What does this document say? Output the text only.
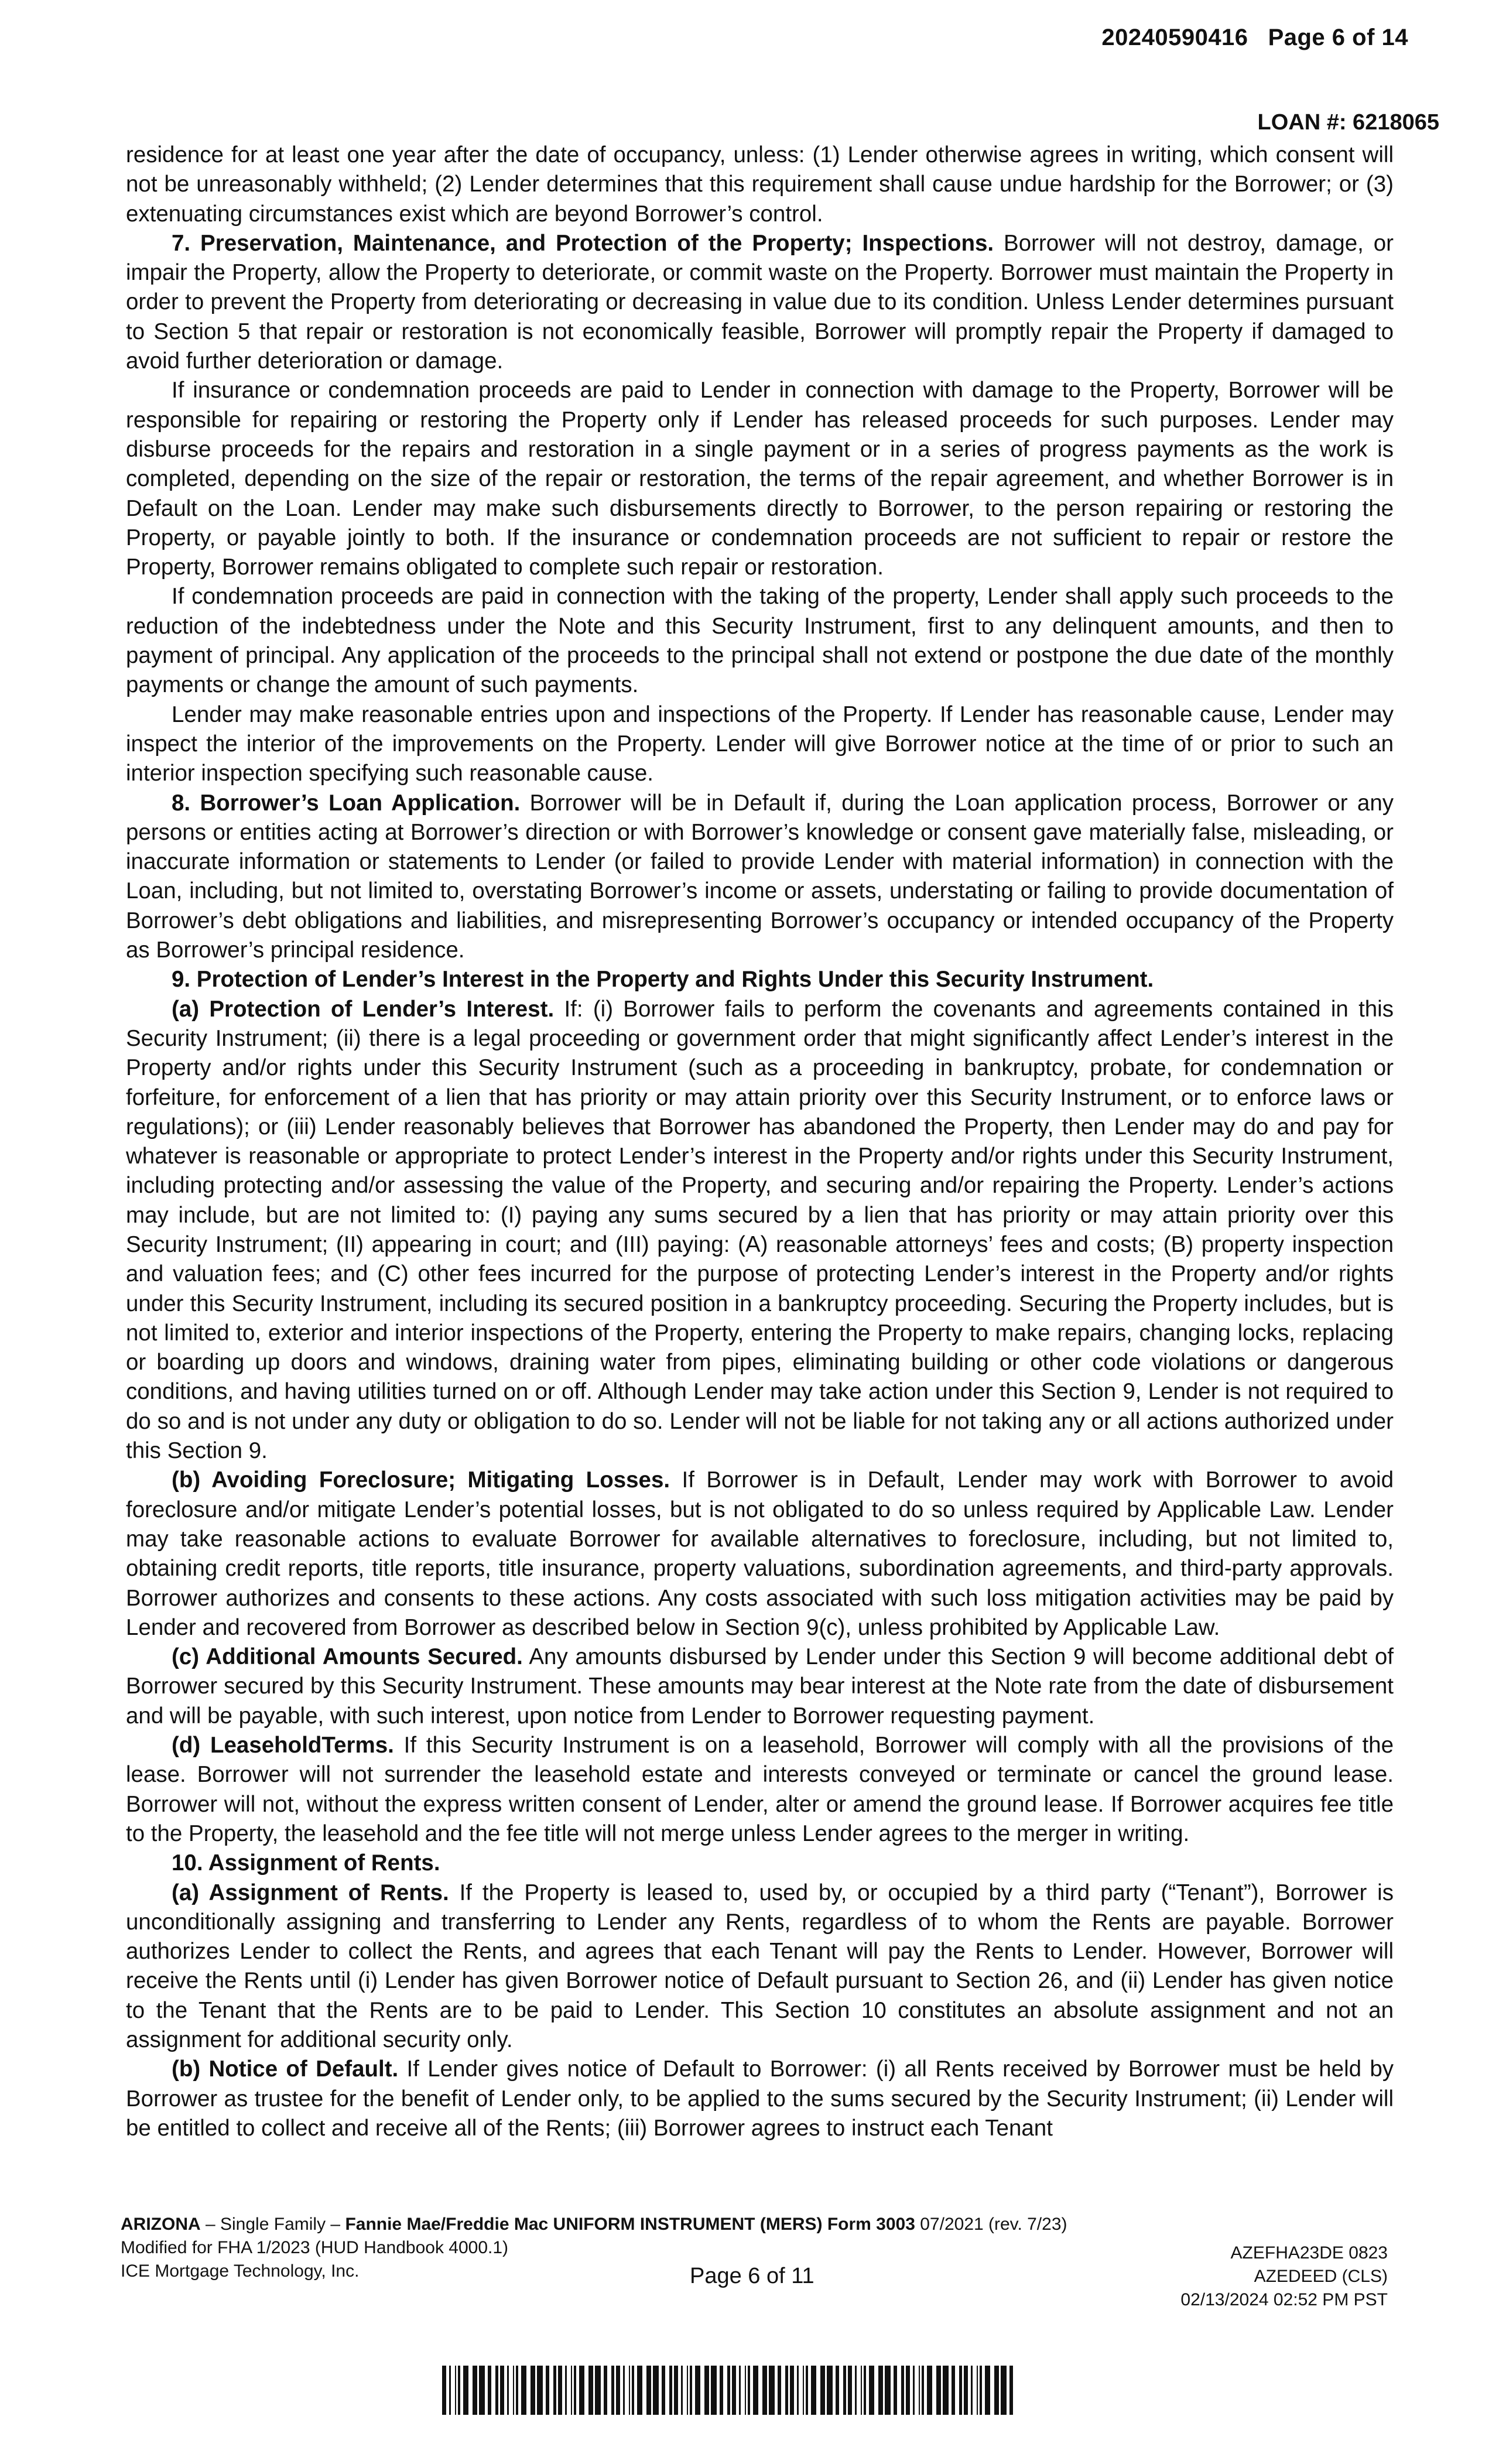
20240590416 Page 6 of 14
LOAN #: 6218065

residence for at least one year after the date of occupancy, unless: (1) Lender otherwise agrees in writing, which consent will not be unreasonably withheld; (2) Lender determines that this requirement shall cause undue hardship for the Borrower; or (3) extenuating circumstances exist which are beyond Borrower’s control.

7. Preservation, Maintenance, and Protection of the Property; Inspections. Borrower will not destroy, damage, or impair the Property, allow the Property to deteriorate, or commit waste on the Property. Borrower must maintain the Property in order to prevent the Property from deteriorating or decreasing in value due to its condition. Unless Lender determines pursuant to Section 5 that repair or restoration is not economically feasible, Borrower will promptly repair the Property if damaged to avoid further deterioration or damage.

If insurance or condemnation proceeds are paid to Lender in connection with damage to the Property, Borrower will be responsible for repairing or restoring the Property only if Lender has released proceeds for such purposes. Lender may disburse proceeds for the repairs and restoration in a single payment or in a series of progress payments as the work is completed, depending on the size of the repair or restoration, the terms of the repair agreement, and whether Borrower is in Default on the Loan. Lender may make such disbursements directly to Borrower, to the person repairing or restoring the Property, or payable jointly to both. If the insurance or condemnation proceeds are not sufficient to repair or restore the Property, Borrower remains obligated to complete such repair or restoration.

If condemnation proceeds are paid in connection with the taking of the property, Lender shall apply such proceeds to the reduction of the indebtedness under the Note and this Security Instrument, first to any delinquent amounts, and then to payment of principal. Any application of the proceeds to the principal shall not extend or postpone the due date of the monthly payments or change the amount of such payments.

Lender may make reasonable entries upon and inspections of the Property. If Lender has reasonable cause, Lender may inspect the interior of the improvements on the Property. Lender will give Borrower notice at the time of or prior to such an interior inspection specifying such reasonable cause.

8. Borrower’s Loan Application. Borrower will be in Default if, during the Loan application process, Borrower or any persons or entities acting at Borrower’s direction or with Borrower’s knowledge or consent gave materially false, misleading, or inaccurate information or statements to Lender (or failed to provide Lender with material information) in connection with the Loan, including, but not limited to, overstating Borrower’s income or assets, understating or failing to provide documentation of Borrower’s debt obligations and liabilities, and misrepresenting Borrower’s occupancy or intended occupancy of the Property as Borrower’s principal residence.

9. Protection of Lender’s Interest in the Property and Rights Under this Security Instrument.

(a) Protection of Lender’s Interest. If: (i) Borrower fails to perform the covenants and agreements contained in this Security Instrument; (ii) there is a legal proceeding or government order that might significantly affect Lender’s interest in the Property and/or rights under this Security Instrument (such as a proceeding in bankruptcy, probate, for condemnation or forfeiture, for enforcement of a lien that has priority or may attain priority over this Security Instrument, or to enforce laws or regulations); or (iii) Lender reasonably believes that Borrower has abandoned the Property, then Lender may do and pay for whatever is reasonable or appropriate to protect Lender’s interest in the Property and/or rights under this Security Instrument, including protecting and/or assessing the value of the Property, and securing and/or repairing the Property. Lender’s actions may include, but are not limited to: (I) paying any sums secured by a lien that has priority or may attain priority over this Security Instrument; (II) appearing in court; and (III) paying: (A) reasonable attorneys’ fees and costs; (B) property inspection and valuation fees; and (C) other fees incurred for the purpose of protecting Lender’s interest in the Property and/or rights under this Security Instrument, including its secured position in a bankruptcy proceeding. Securing the Property includes, but is not limited to, exterior and interior inspections of the Property, entering the Property to make repairs, changing locks, replacing or boarding up doors and windows, draining water from pipes, eliminating building or other code violations or dangerous conditions, and having utilities turned on or off. Although Lender may take action under this Section 9, Lender is not required to do so and is not under any duty or obligation to do so. Lender will not be liable for not taking any or all actions authorized under this Section 9.

(b) Avoiding Foreclosure; Mitigating Losses. If Borrower is in Default, Lender may work with Borrower to avoid foreclosure and/or mitigate Lender’s potential losses, but is not obligated to do so unless required by Applicable Law. Lender may take reasonable actions to evaluate Borrower for available alternatives to foreclosure, including, but not limited to, obtaining credit reports, title reports, title insurance, property valuations, subordination agreements, and third-party approvals. Borrower authorizes and consents to these actions. Any costs associated with such loss mitigation activities may be paid by Lender and recovered from Borrower as described below in Section 9(c), unless prohibited by Applicable Law.

(c) Additional Amounts Secured. Any amounts disbursed by Lender under this Section 9 will become additional debt of Borrower secured by this Security Instrument. These amounts may bear interest at the Note rate from the date of disbursement and will be payable, with such interest, upon notice from Lender to Borrower requesting payment.

(d) LeaseholdTerms. If this Security Instrument is on a leasehold, Borrower will comply with all the provisions of the lease. Borrower will not surrender the leasehold estate and interests conveyed or terminate or cancel the ground lease. Borrower will not, without the express written consent of Lender, alter or amend the ground lease. If Borrower acquires fee title to the Property, the leasehold and the fee title will not merge unless Lender agrees to the merger in writing.

10. Assignment of Rents.

(a) Assignment of Rents. If the Property is leased to, used by, or occupied by a third party (“Tenant”), Borrower is unconditionally assigning and transferring to Lender any Rents, regardless of to whom the Rents are payable. Borrower authorizes Lender to collect the Rents, and agrees that each Tenant will pay the Rents to Lender. However, Borrower will receive the Rents until (i) Lender has given Borrower notice of Default pursuant to Section 26, and (ii) Lender has given notice to the Tenant that the Rents are to be paid to Lender. This Section 10 constitutes an absolute assignment and not an assignment for additional security only.

(b) Notice of Default. If Lender gives notice of Default to Borrower: (i) all Rents received by Borrower must be held by Borrower as trustee for the benefit of Lender only, to be applied to the sums secured by the Security Instrument; (ii) Lender will be entitled to collect and receive all of the Rents; (iii) Borrower agrees to instruct each Tenant

ARIZONA – Single Family – Fannie Mae/Freddie Mac UNIFORM INSTRUMENT (MERS) Form 3003 07/2021 (rev. 7/23)
Modified for FHA 1/2023 (HUD Handbook 4000.1)
ICE Mortgage Technology, Inc.	Page 6 of 11
AZEFHA23DE 0823
AZEDEED (CLS)
02/13/2024 02:52 PM PST
